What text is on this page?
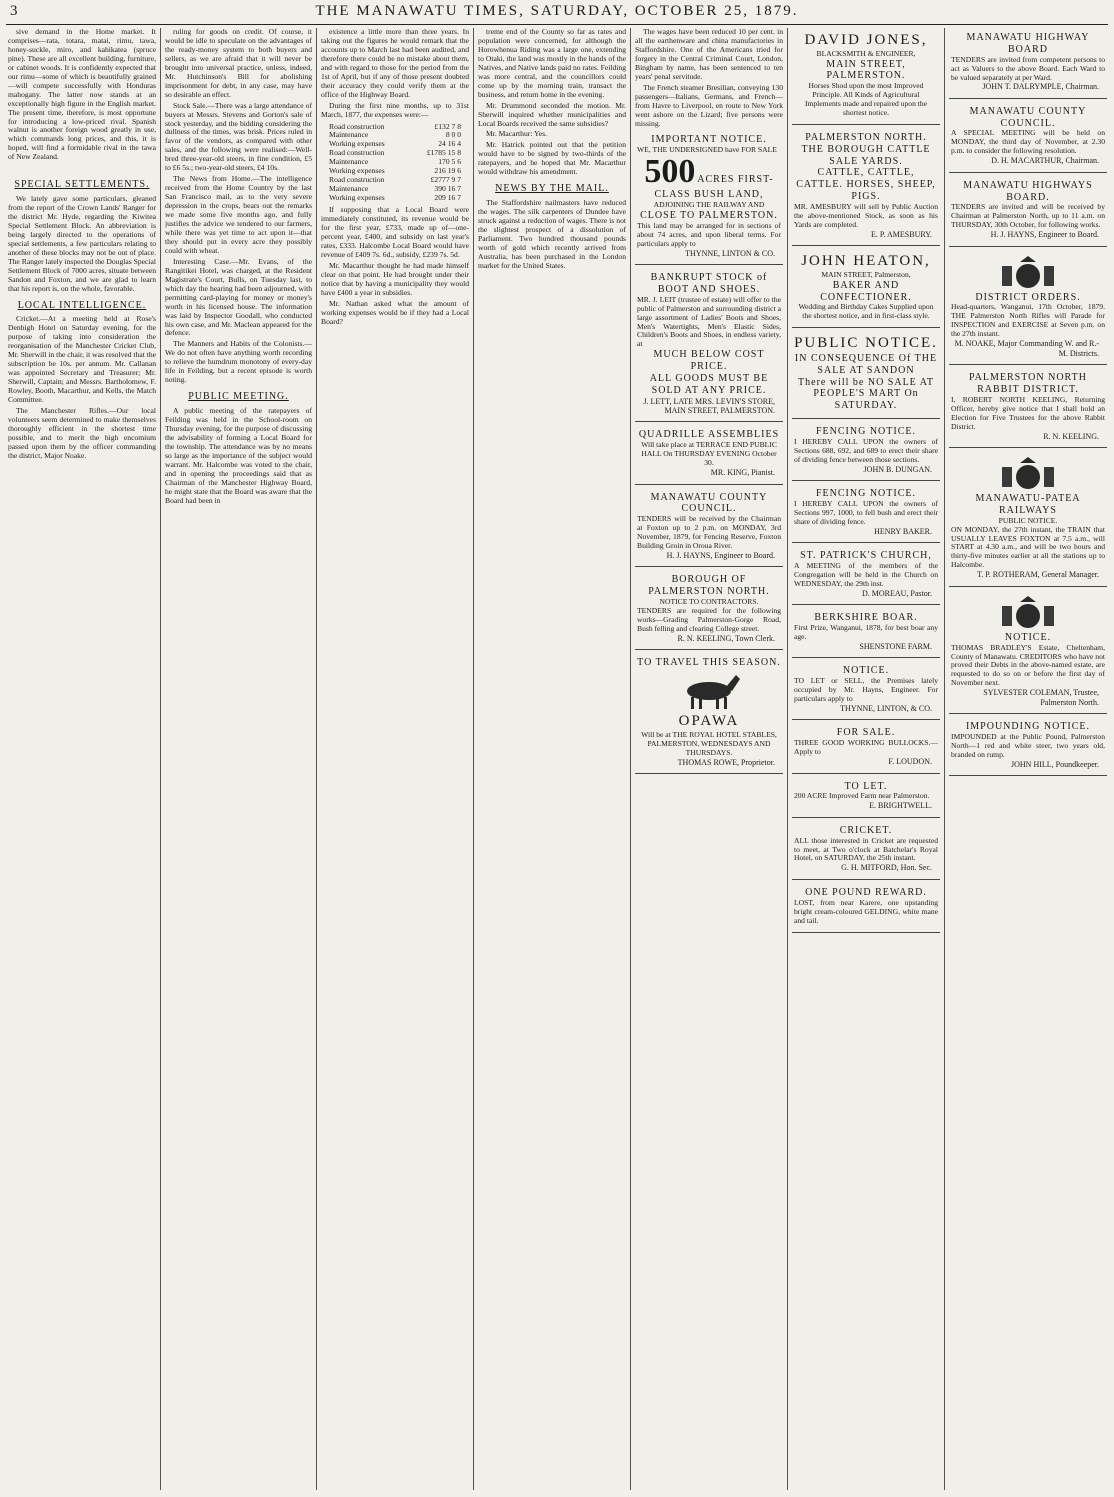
3	THE MANAWATU TIMES, SATURDAY, OCTOBER 25, 1879.

sive demand in the Home market. It comprises—rata, totara, matai, rimu, tawa, honey-suckle, miro, and kahikatea (spruce pine). These are all excellent building, furniture, or cabinet woods. It is confidently expected that our rimu—some of which is beautifully grained—will compete successfully with Honduras mahogany. The latter now stands at an exceptionally high figure in the English market. The present time, therefore, is most opportune for introducing a low-priced rival. Spanish walnut is another foreign wood greatly in use, which commands long prices, and this, it is hoped, will find a formidable rival in the tawa of New Zealand.

SPECIAL SETTLEMENTS.

We lately gave some particulars, gleaned from the report of the Crown Lands' Ranger for the district Mr. Hyde, regarding the Kiwitea Special Settlement Block. An abbreviation is being largely directed to the operations of special settlements, a few particulars relating to another of these blocks may not be out of place. The Ranger lately inspected the Douglas Special Settlement Block of 7000 acres, situate between Sandon and Foxton, and we are glad to learn that his report is, on the whole, favorable.

LOCAL INTELLIGENCE.

Cricket.—At a meeting held at Rose's Denbigh Hotel on Saturday evening, for the purpose of taking into consideration the reorganisation of the Manchester Cricket Club, Mr. Sherwill in the chair, it was resolved that the subscription be 10s. per annum. Mr. Callanan was appointed Secretary and Treasurer; Mr. Sherwill, Captain; and Messrs. Bartholomew, F. Rowley, Booth, Macarthur, and Kells, the Match Committee.

The Manchester Rifles.—Our local volunteers seem determined to make themselves thoroughly efficient in the shortest time possible, and to merit the high encomium passed upon them by the officer commanding the district, Major Noake.

ruling for goods on credit. Of course, it would be idle to speculate on the advantages of the ready-money system to both buyers and sellers, as we are afraid that it will never be brought into universal practice, unless, indeed, Mr. Hutchinson's Bill for abolishing imprisonment for debt, in any case, may have so desirable an effect.

Stock Sale.—There was a large attendance of buyers at Messrs. Stevens and Gorton's sale of stock yesterday, and the bidding considering the dullness of the times, was brisk. Prices ruled in favor of the vendors, as compared with other sales, and the following were realised:—Well-bred three-year-old steers, in fine condition, £5 to £6 5s.; two-year-old steers, £4 10s.

The News from Home.—The intelligence received from the Home Country by the last San Francisco mail, as to the very severe depression in the crops, bears out the remarks we made some five months ago, and fully justifies the advice we tendered to our farmers, while there was yet time to act upon it—that they should put in every acre they possibly could with wheat.

Interesting Case.—Mr. Evans, of the Rangitikei Hotel, was charged, at the Resident Magistrate's Court, Bulls, on Tuesday last, to which day the hearing had been adjourned, with permitting card-playing for money or money's worth in his licensed house. The information was laid by Inspector Goodall, who conducted his own case, and Mr. Maclean appeared for the defence.

The Manners and Habits of the Colonists.—We do not often have anything worth recording to relieve the humdrum monotony of every-day life in Feilding, but a recent episode is worth noting.

PUBLIC MEETING.

A public meeting of the ratepayers of Feilding was held in the School-room on Thursday evening, for the purpose of discussing the advisability of forming a Local Board for the township. The attendance was by no means so large as the importance of the subject would warrant. Mr. Halcombe was voted to the chair, and in opening the proceedings said that as Chairman of the Manchester Highway Board, he might state that the Board was aware that the Board had been in

existence a little more than three years. In taking out the figures he would remark that the accounts up to March last had been audited, and therefore there could be no mistake about them, and with regard to those for the period from the 1st of April, but if any of those present doubted their accuracy they could verify them at the office of the Highway Board.

During the first nine months, up to 31st March, 1877, the expenses were:—

Road construction	£132 7 8
Maintenance	8 0 0
Working expenses	24 16 4
Road construction	£1785 15 8
Maintenance	170 5 6
Working expenses	216 19 6
Road construction	£2777 9 7
Maintenance	390 16 7
Working expenses	209 16 7

If supposing that a Local Board were immediately constituted, its revenue would be for the first year, £733, made up of—one-percent year, £400, and subsidy on last year's rates, £333. Halcombe Local Board would have revenue of £409 7s. 6d., subsidy, £239 7s. 5d.

Mr. Macarthur thought he had made himself clear on that point. He had brought under their notice that by having a municipality they would have £400 a year in subsidies.

Mr. Nathan asked what the amount of working expenses would be if they had a Local Board?

treme end of the County so far as rates and population were concerned, for although the Horowhenua Riding was a large one, extending to Otaki, the land was mostly in the hands of the Natives, and Native lands paid no rates. Feilding was more central, and the councillors could come up by the morning train, transact the business, and return home in the evening.

Mr. Drummond seconded the motion. Mr. Sherwill inquired whether municipalities and Local Boards received the same subsidies?

Mr. Macarthur: Yes.

Mr. Hatrick pointed out that the petition would have to be signed by two-thirds of the ratepayers, and he hoped that Mr. Macarthur would withdraw his amendment.

NEWS BY THE MAIL.

The Staffordshire nailmasters have reduced the wages. The silk carpenters of Dundee have struck against a reduction of wages. There is not the slightest prospect of a dissolution of Parliament. Two hundred thousand pounds worth of gold which recently arrived from Australia, has been purchased in the London market for the United States.

The wages have been reduced 10 per cent. in all the earthenware and china manufactories in Staffordshire. One of the Americans tried for forgery in the Central Criminal Court, London, Bingham by name, has been sentenced to ten years' penal servitude.

The French steamer Bresilian, conveying 130 passengers—Italians, Germans, and French—from Havre to Liverpool, en route to New York went ashore on the Lizard; five persons were missing.

IMPORTANT NOTICE.
WE, THE UNDERSIGNED have FOR SALE
500 ACRES FIRST-CLASS BUSH LAND,
ADJOINING THE RAILWAY AND
CLOSE TO PALMERSTON.
This land may be arranged for in sections of about 74 acres, and upon liberal terms. For particulars apply to
THYNNE, LINTON & CO.
BANKRUPT STOCK of BOOT AND SHOES.
MR. J. LEIT (trustee of estate) will offer to the public of Palmerston and surrounding district a large assortment of Ladies' Boots and Shoes, Men's Watertights, Men's Elastic Sides, Children's Boots and Shoes, in endless variety, at
MUCH BELOW COST PRICE.
ALL GOODS MUST BE SOLD AT ANY PRICE.
J. LETT, LATE MRS. LEVIN'S STORE, MAIN STREET, PALMERSTON.
QUADRILLE ASSEMBLIES
Will take place at TERRACE END PUBLIC HALL On THURSDAY EVENING October 30.
MR. KING, Pianist.
MANAWATU COUNTY COUNCIL.
TENDERS will be received by the Chairman at Foxton up to 2 p.m. on MONDAY, 3rd November, 1879, for Fencing Reserve, Foxton Building Groin in Oroua River.
H. J. HAYNS, Engineer to Board.
BOROUGH OF PALMERSTON NORTH.
NOTICE TO CONTRACTORS.
TENDERS are required for the following works—Grading Palmerston-Gorge Road, Bush felling and clearing College street.
R. N. KEELING, Town Clerk.
TO TRAVEL THIS SEASON.
OPAWA
Will be at THE ROYAL HOTEL STABLES, PALMERSTON, WEDNESDAYS AND THURSDAYS.
THOMAS ROWE, Proprietor.
DAVID JONES,
BLACKSMITH & ENGINEER,
MAIN STREET, PALMERSTON.
Horses Shod upon the most Improved Principle. All Kinds of Agricultural Implements made and repaired upon the shortest notice.
PALMERSTON NORTH.
THE BOROUGH CATTLE SALE YARDS.
CATTLE, CATTLE, CATTLE. HORSES, SHEEP, PIGS.
MR. AMESBURY will sell by Public Auction the above-mentioned Stock, as soon as his Yards are completed.
E. P. AMESBURY.
JOHN HEATON,
MAIN STREET, Palmerston,
BAKER AND CONFECTIONER.
Wedding and Birthday Cakes Supplied upon the shortest notice, and in first-class style.
PUBLIC NOTICE.
IN CONSEQUENCE Of THE SALE AT SANDON
There will be NO SALE AT PEOPLE'S MART On SATURDAY.
FENCING NOTICE.
I HEREBY CALL UPON the owners of Sections 688, 692, and 689 to erect their share of dividing fence between those sections.
JOHN B. DUNGAN.
FENCING NOTICE.
I HEREBY CALL UPON the owners of Sections 997, 1000, to fell bush and erect their share of dividing fence.
HENRY BAKER.
ST. PATRICK'S CHURCH,
A MEETING of the members of the Congregation will be held in the Church on WEDNESDAY, the 29th inst.
D. MOREAU, Pastor.
BERKSHIRE BOAR.
First Prize, Wanganui, 1878, for best boar any age.
SHENSTONE FARM.
NOTICE.
TO LET or SELL, the Premises lately occupied by Mr. Hayns, Engineer. For particulars apply to
THYNNE, LINTON, & CO.
FOR SALE.
THREE GOOD WORKING BULLOCKS.—Apply to
F. LOUDON.
TO LET.
200 ACRE Improved Farm near Palmerston.
E. BRIGHTWELL.
CRICKET.
ALL those interested in Cricket are requested to meet, at Two o'clock at Batchelar's Royal Hotel, on SATURDAY, the 25th instant.
G. H. MITFORD, Hon. Sec.
ONE POUND REWARD.
LOST, from near Karere, one upstanding bright cream-coloured GELDING, white mane and tail.
MANAWATU HIGHWAY BOARD
TENDERS are invited from competent persons to act as Valuers to the above Board. Each Ward to be valued separately at per Ward.
JOHN T. DALRYMPLE, Chairman.
MANAWATU COUNTY COUNCIL.
A SPECIAL MEETING will be held on MONDAY, the third day of November, at 2.30 p.m. to consider the following resolution.
D. H. MACARTHUR, Chairman.
MANAWATU HIGHWAYS BOARD.
TENDERS are invited and will be received by Chairman at Palmerston North, up to 11 a.m. on THURSDAY, 30th October, for following works.
H. J. HAYNS, Engineer to Board.
DISTRICT ORDERS.
Head-quarters, Wanganui, 17th October, 1879. THE Palmerston North Rifles will Parade for INSPECTION and EXERCISE at Seven p.m. on the 27th instant.
M. NOAKE, Major Commanding W. and R.-M. Districts.
PALMERSTON NORTH RABBIT DISTRICT.
I, ROBERT NORTH KEELING, Returning Officer, hereby give notice that I shall hold an Election for Five Trustees for the above Rabbit District.
R. N. KEELING.
MANAWATU-PATEA RAILWAYS
PUBLIC NOTICE.
ON MONDAY, the 27th instant, the TRAIN that USUALLY LEAVES FOXTON at 7.5 a.m., will START at 4.30 a.m., and will be two hours and thirty-five minutes earlier at all the stations up to Halcombe.
T. P. ROTHERAM, General Manager.
NOTICE.
THOMAS BRADLEY'S Estate, Cheltenham, County of Manawatu. CREDITORS who have not proved their Debts in the above-named estate, are requested to do so on or before the first day of November next.
SYLVESTER COLEMAN, Trustee, Palmerston North.
IMPOUNDING NOTICE.
IMPOUNDED at the Public Pound, Palmerston North—1 red and white steer, two years old, branded on rump.
JOHN HILL, Poundkeeper.
